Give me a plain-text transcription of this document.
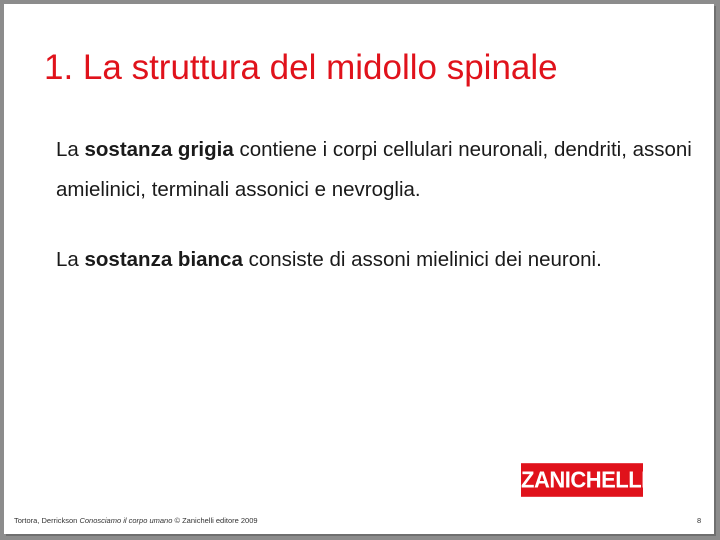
1. La struttura del midollo spinale

La sostanza grigia contiene i corpi cellulari neuronali, dendriti, assoni amielinici, terminali assonici e nevroglia.

La sostanza bianca consiste di assoni mielinici dei neuroni.

ZANICHELLI
Tortora, Derrickson Conosciamo il corpo umano © Zanichelli editore 2009	8
